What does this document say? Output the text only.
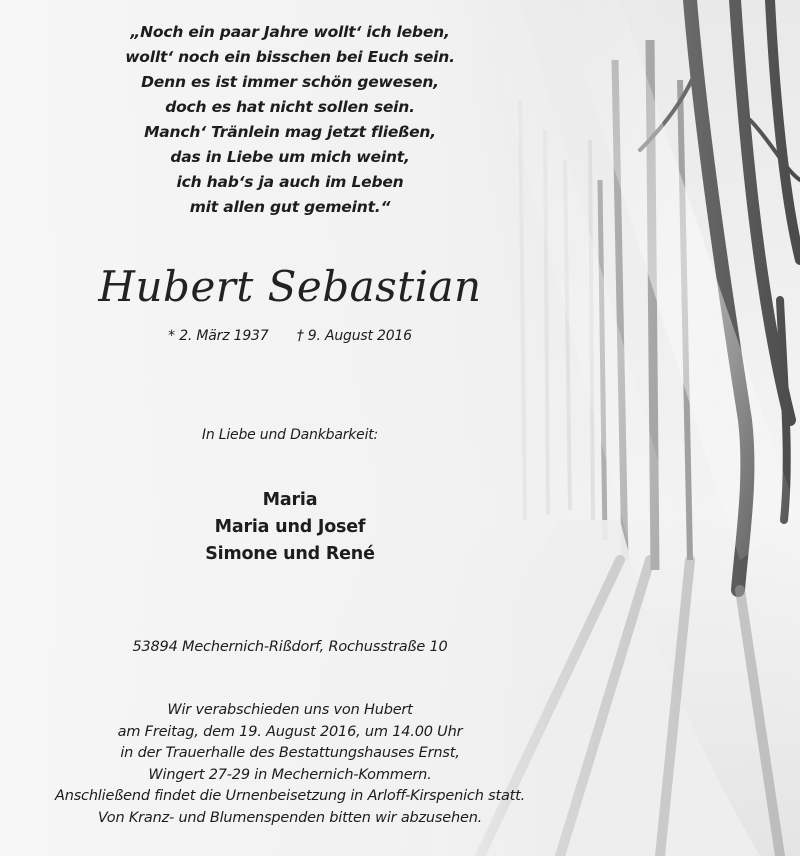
„Noch ein paar Jahre wollt‘ ich leben,
wollt‘ noch ein bisschen bei Euch sein.
Denn es ist immer schön gewesen,
doch es hat nicht sollen sein.
Manch‘ Tränlein mag jetzt fließen,
das in Liebe um mich weint,
ich hab‘s ja auch im Leben
mit allen gut gemeint.“
Hubert Sebastian
* 2. März 1937 † 9. August 2016
In Liebe und Dankbarkeit:
Maria
Maria und Josef
Simone und René
53894 Mechernich-Rißdorf, Rochusstraße 10
Wir verabschieden uns von Hubert
am Freitag, dem 19. August 2016, um 14.00 Uhr
in der Trauerhalle des Bestattungshauses Ernst,
Wingert 27-29 in Mechernich-Kommern.
Anschließend findet die Urnenbeisetzung in Arloff-Kirspenich statt.
Von Kranz- und Blumenspenden bitten wir abzusehen.
